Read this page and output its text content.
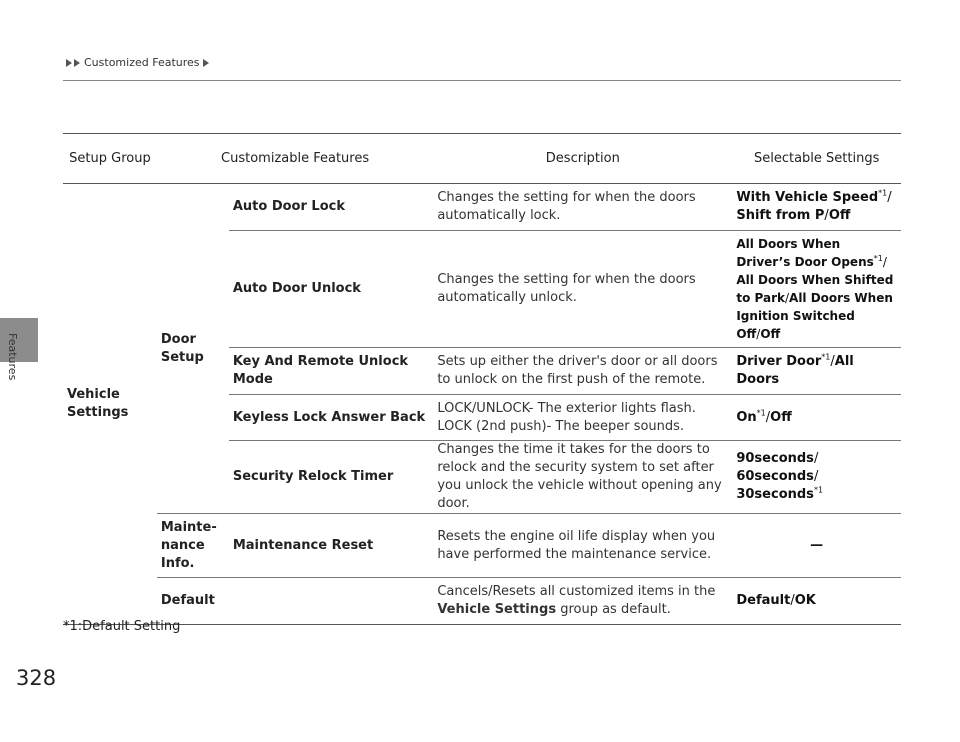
Customized Features
Features
Setup Group	Customizable Features		Description	Selectable Settings
Vehicle Settings	Door Setup	Auto Door Lock	Changes the setting for when the doors automatically lock.	With Vehicle Speed$^{*1}$/
Shift from P/Off
		Auto Door Unlock	Changes the setting for when the doors automatically unlock.	All Doors When Driver’s Door Opens$^{*1}$/ All Doors When Shifted to Park/All Doors When Ignition Switched Off/Off
		Key And Remote Unlock Mode	Sets up either the driver's door or all doors to unlock on the first push of the remote.	Driver Door$^{*1}$/All Doors
		Keyless Lock Answer Back	LOCK/UNLOCK- The exterior lights flash. LOCK (2nd push)- The beeper sounds.	On$^{*1}$/Off
		Security Relock Timer	Changes the time it takes for the doors to relock and the security system to set after you unlock the vehicle without opening any door.	90seconds/
60seconds/
30seconds$^{*1}$
	Mainte- nance Info.	Maintenance Reset	Resets the engine oil life display when you have performed the maintenance service.	—
	Default		Cancels/Resets all customized items in the
Vehicle Settings group as default.	Default/OK
*1:Default Setting
328
